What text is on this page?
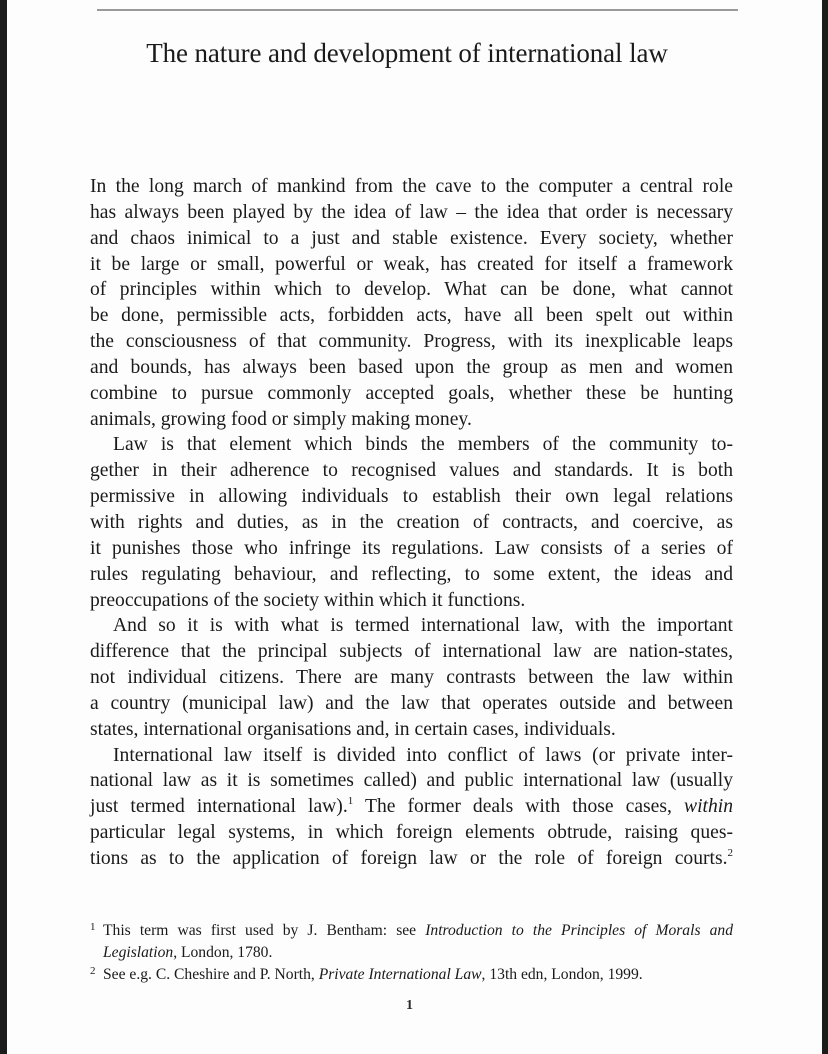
The nature and development of international law
In the long march of mankind from the cave to the computer a central role
has always been played by the idea of law – the idea that order is necessary
and chaos inimical to a just and stable existence. Every society, whether
it be large or small, powerful or weak, has created for itself a framework
of principles within which to develop. What can be done, what cannot
be done, permissible acts, forbidden acts, have all been spelt out within
the consciousness of that community. Progress, with its inexplicable leaps
and bounds, has always been based upon the group as men and women
combine to pursue commonly accepted goals, whether these be hunting
animals, growing food or simply making money.
Law is that element which binds the members of the community to-
gether in their adherence to recognised values and standards. It is both
permissive in allowing individuals to establish their own legal relations
with rights and duties, as in the creation of contracts, and coercive, as
it punishes those who infringe its regulations. Law consists of a series of
rules regulating behaviour, and reflecting, to some extent, the ideas and
preoccupations of the society within which it functions.
And so it is with what is termed international law, with the important
difference that the principal subjects of international law are nation-states,
not individual citizens. There are many contrasts between the law within
a country (municipal law) and the law that operates outside and between
states, international organisations and, in certain cases, individuals.
International law itself is divided into conflict of laws (or private inter-
national law as it is sometimes called) and public international law (usually
just termed international law).$^1$ The former deals with those cases, within
particular legal systems, in which foreign elements obtrude, raising ques-
tions as to the application of foreign law or the role of foreign courts.$^2$
1 This term was first used by J. Bentham: see Introduction to the Principles of Morals and
Legislation, London, 1780.
2 See e.g. C. Cheshire and P. North, Private International Law, 13th edn, London, 1999.
1
